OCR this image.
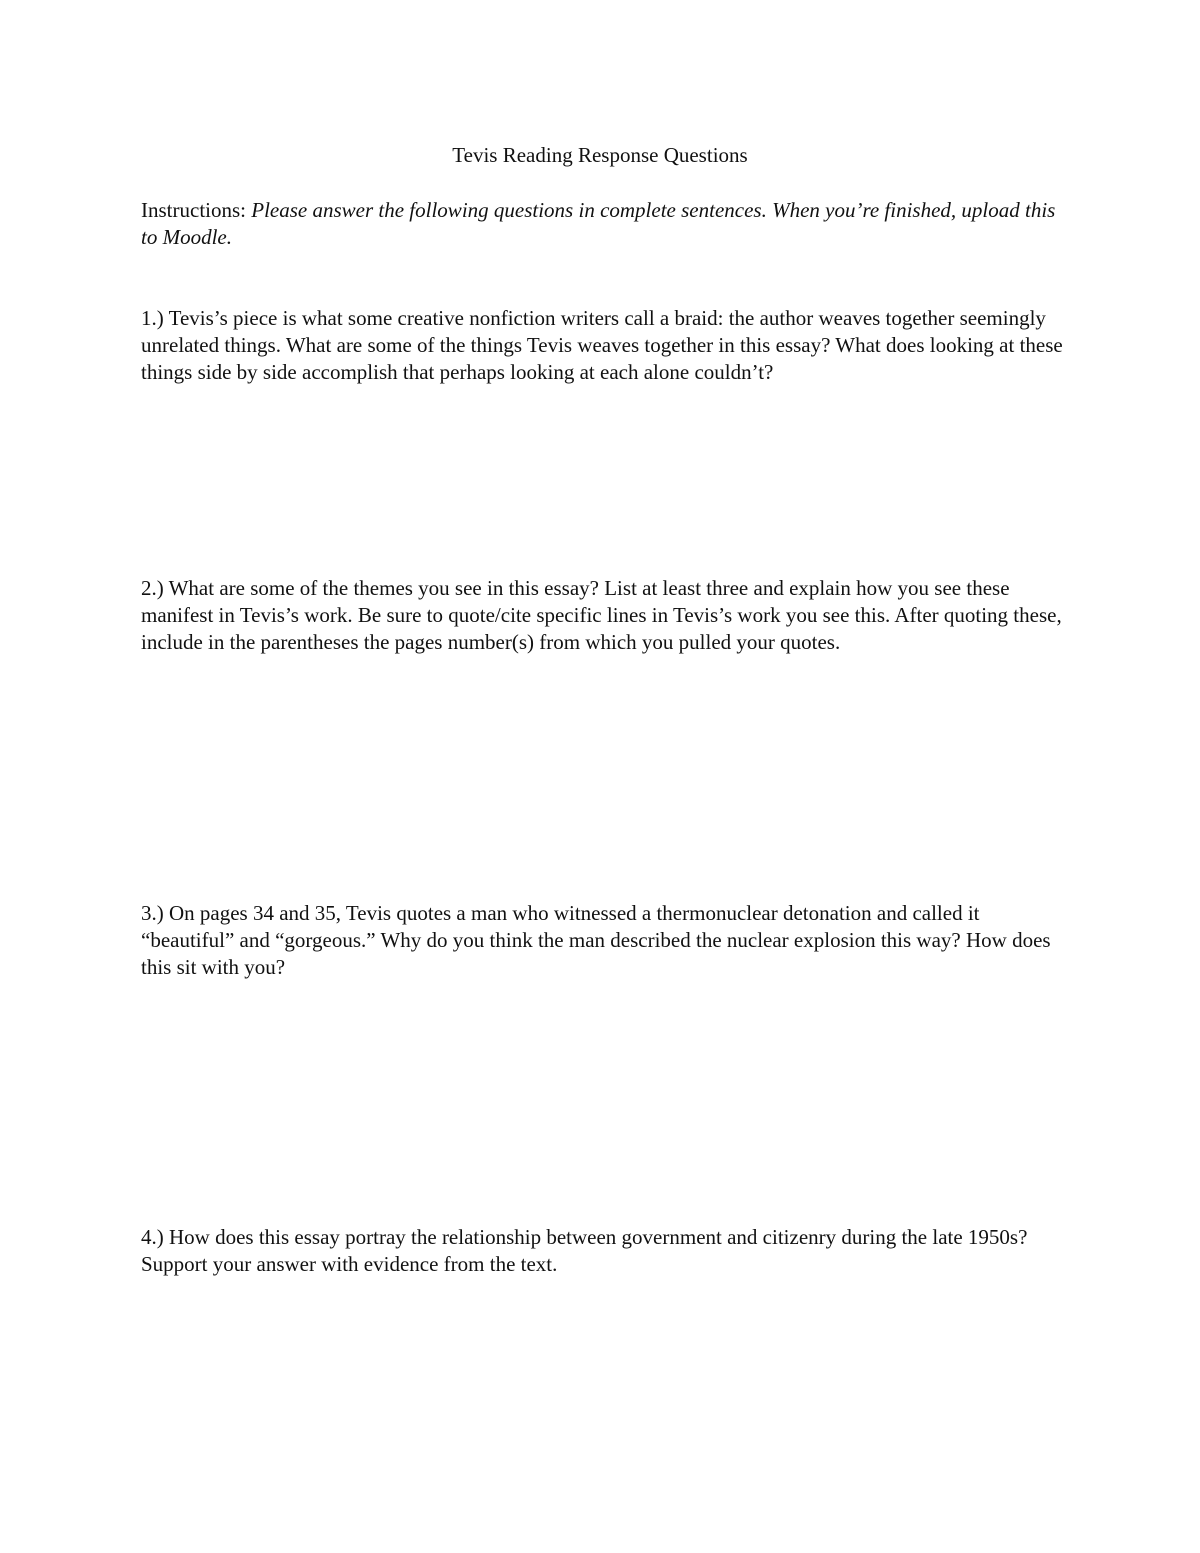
Tevis Reading Response Questions

Instructions: Please answer the following questions in complete sentences. When you’re finished, upload this to Moodle.

1.) Tevis’s piece is what some creative nonfiction writers call a braid: the author weaves together seemingly unrelated things. What are some of the things Tevis weaves together in this essay? What does looking at these things side by side accomplish that perhaps looking at each alone couldn’t?

2.) What are some of the themes you see in this essay? List at least three and explain how you see these manifest in Tevis’s work. Be sure to quote/cite specific lines in Tevis’s work you see this. After quoting these, include in the parentheses the pages number(s) from which you pulled your quotes.

3.) On pages 34 and 35, Tevis quotes a man who witnessed a thermonuclear detonation and called it “beautiful” and “gorgeous.” Why do you think the man described the nuclear explosion this way? How does this sit with you?

4.) How does this essay portray the relationship between government and citizenry during the late 1950s? Support your answer with evidence from the text.
